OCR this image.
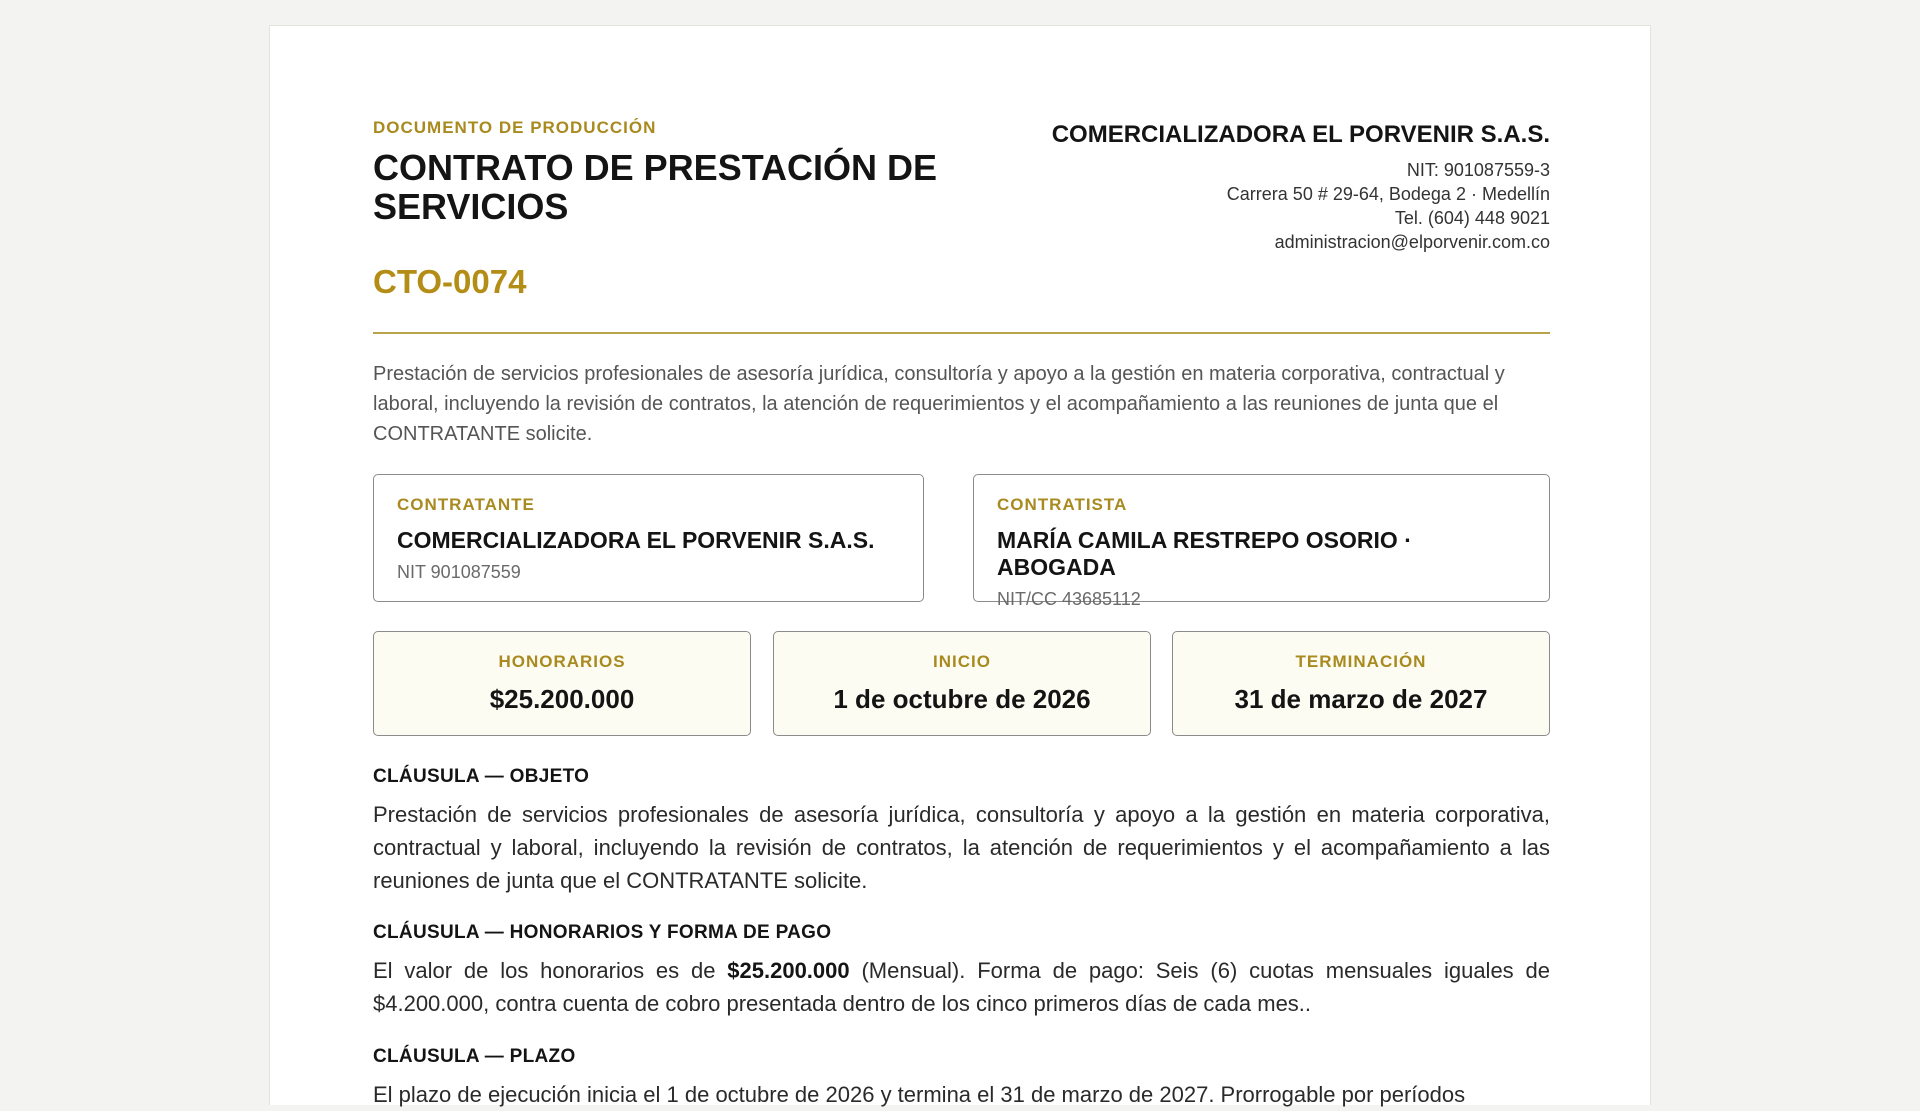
DOCUMENTO DE PRODUCCIÓN
CONTRATO DE PRESTACIÓN DE SERVICIOS
CTO-0074
COMERCIALIZADORA EL PORVENIR S.A.S.
NIT: 901087559-3
Carrera 50 # 29-64, Bodega 2 · Medellín
Tel. (604) 448 9021
administracion@elporvenir.com.co
Prestación de servicios profesionales de asesoría jurídica, consultoría y apoyo a la gestión en materia corporativa, contractual y laboral, incluyendo la revisión de contratos, la atención de requerimientos y el acompañamiento a las reuniones de junta que el CONTRATANTE solicite.
CONTRATANTE
COMERCIALIZADORA EL PORVENIR S.A.S.
NIT 901087559
CONTRATISTA
MARÍA CAMILA RESTREPO OSORIO · ABOGADA
NIT/CC 43685112
HONORARIOS
$25.200.000
INICIO
1 de octubre de 2026
TERMINACIÓN
31 de marzo de 2027
CLÁUSULA — OBJETO
Prestación de servicios profesionales de asesoría jurídica, consultoría y apoyo a la gestión en materia corporativa, contractual y laboral, incluyendo la revisión de contratos, la atención de requerimientos y el acompañamiento a las reuniones de junta que el CONTRATANTE solicite.
CLÁUSULA — HONORARIOS Y FORMA DE PAGO
El valor de los honorarios es de $25.200.000 (Mensual). Forma de pago: Seis (6) cuotas mensuales iguales de $4.200.000, contra cuenta de cobro presentada dentro de los cinco primeros días de cada mes..
CLÁUSULA — PLAZO
El plazo de ejecución inicia el 1 de octubre de 2026 y termina el 31 de marzo de 2027. Prorrogable por períodos
